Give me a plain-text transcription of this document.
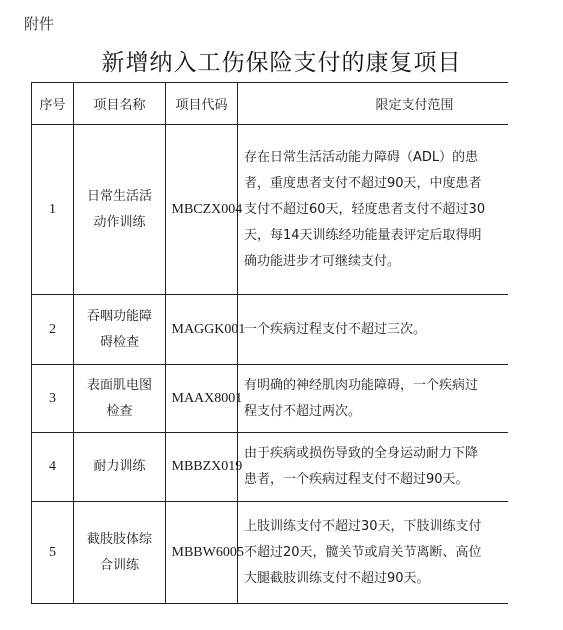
附件
新增纳入工伤保险支付的康复项目
序号	项目名称	项目代码	限定支付范围
1	日常生活活动作训练	MBCZX004	存在日常生活活动能力障碍（ADL）的患
者，重度患者支付不超过90天，中度患者
支付不超过60天，轻度患者支付不超过30
天，每14天训练经功能量表评定后取得明
确功能进步才可继续支付。

2	吞咽功能障碍检查	MAGGK001	一个疾病过程支付不超过三次。

3	表面肌电图检查	MAAX8001	有明确的神经肌肉功能障碍，一个疾病过
程支付不超过两次。

4	耐力训练	MBBZX019	由于疾病或损伤导致的全身运动耐力下降
患者，一个疾病过程支付不超过90天。

5	截肢肢体综合训练	MBBW6005	上肢训练支付不超过30天，下肢训练支付
不超过20天，髋关节或肩关节离断、高位
大腿截肢训练支付不超过90天。
